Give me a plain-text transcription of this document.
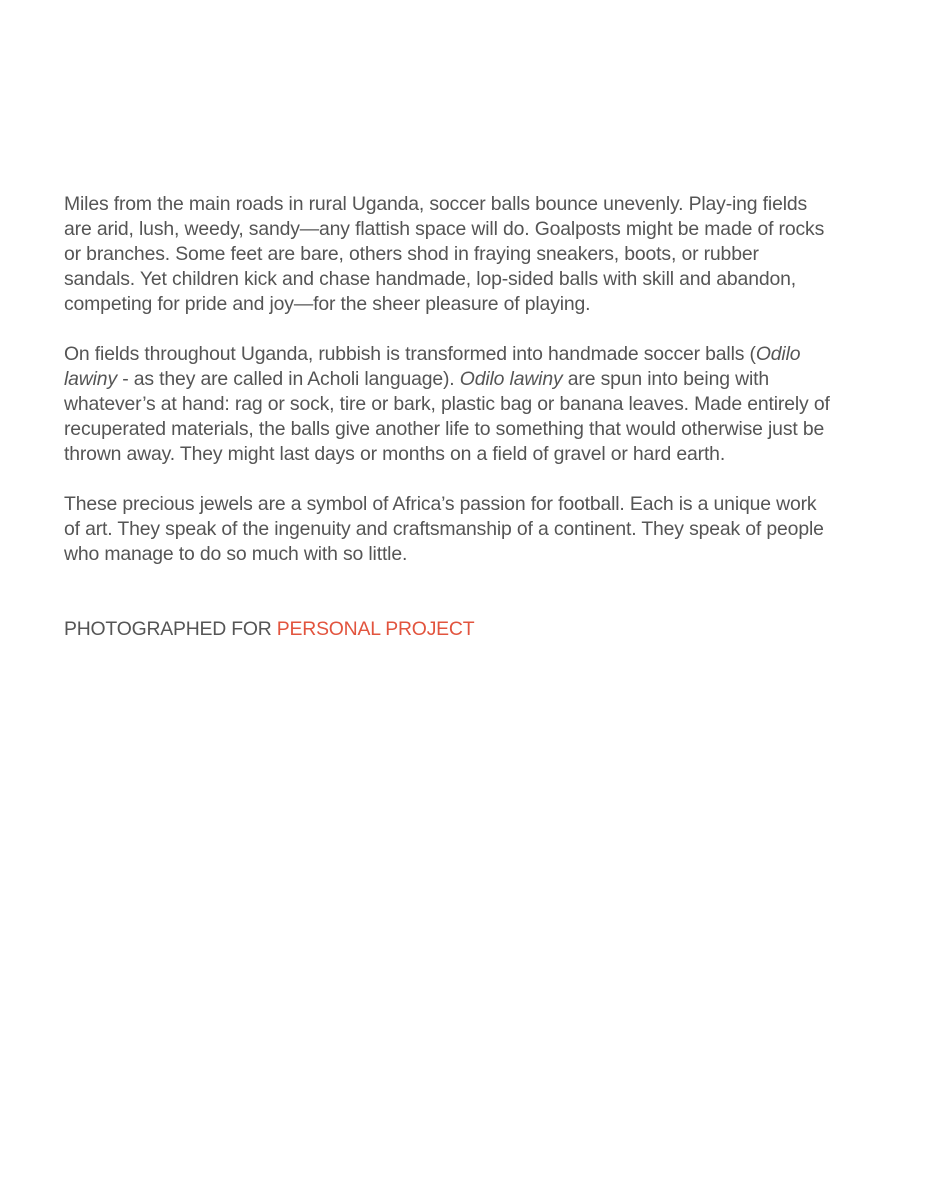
Miles from the main roads in rural Uganda, soccer balls bounce unevenly. Play-ing fields are arid, lush, weedy, sandy—any flattish space will do. Goalposts might be made of rocks or branches. Some feet are bare, others shod in fraying sneakers, boots, or rubber sandals. Yet children kick and chase handmade, lop-sided balls with skill and abandon, competing for pride and joy—for the sheer pleasure of playing.

On fields throughout Uganda, rubbish is transformed into handmade soccer balls (Odilo lawiny - as they are called in Acholi language). Odilo lawiny are spun into being with whatever’s at hand: rag or sock, tire or bark, plastic bag or banana leaves. Made entirely of recuperated materials, the balls give another life to something that would otherwise just be thrown away. They might last days or months on a field of gravel or hard earth.

These precious jewels are a symbol of Africa’s passion for football. Each is a unique work of art. They speak of the ingenuity and craftsmanship of a continent. They speak of people who manage to do so much with so little.

PHOTOGRAPHED FOR PERSONAL PROJECT
